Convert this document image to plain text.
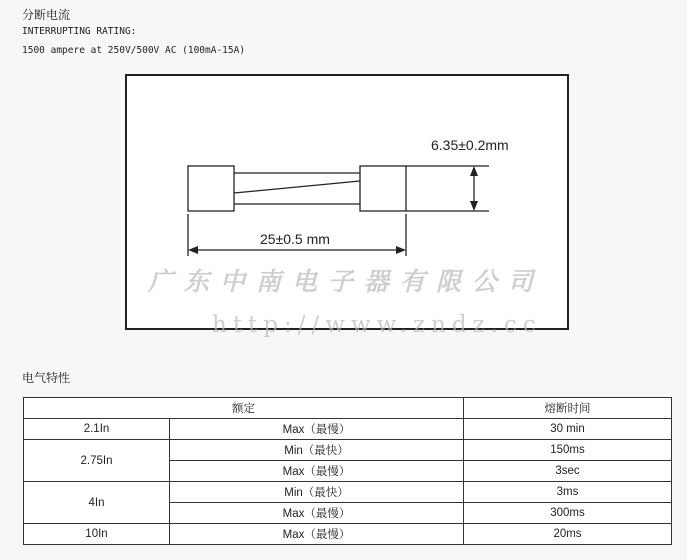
分断电流
INTERRUPTING RATING:
1500 ampere at 250V/500V AC (100mA-15A)
6.35±0.2mm
25±0.5 mm
广东中南电子器有限公司
http://www.zndz.cc
电气特性
额定		熔断时间
2.1In	Max（最慢）	30 min
2.75In	Min（最快）	150ms
	Max（最慢）	3sec
4In	Min（最快）	3ms
	Max（最慢）	300ms
10In	Max（最慢）	20ms
